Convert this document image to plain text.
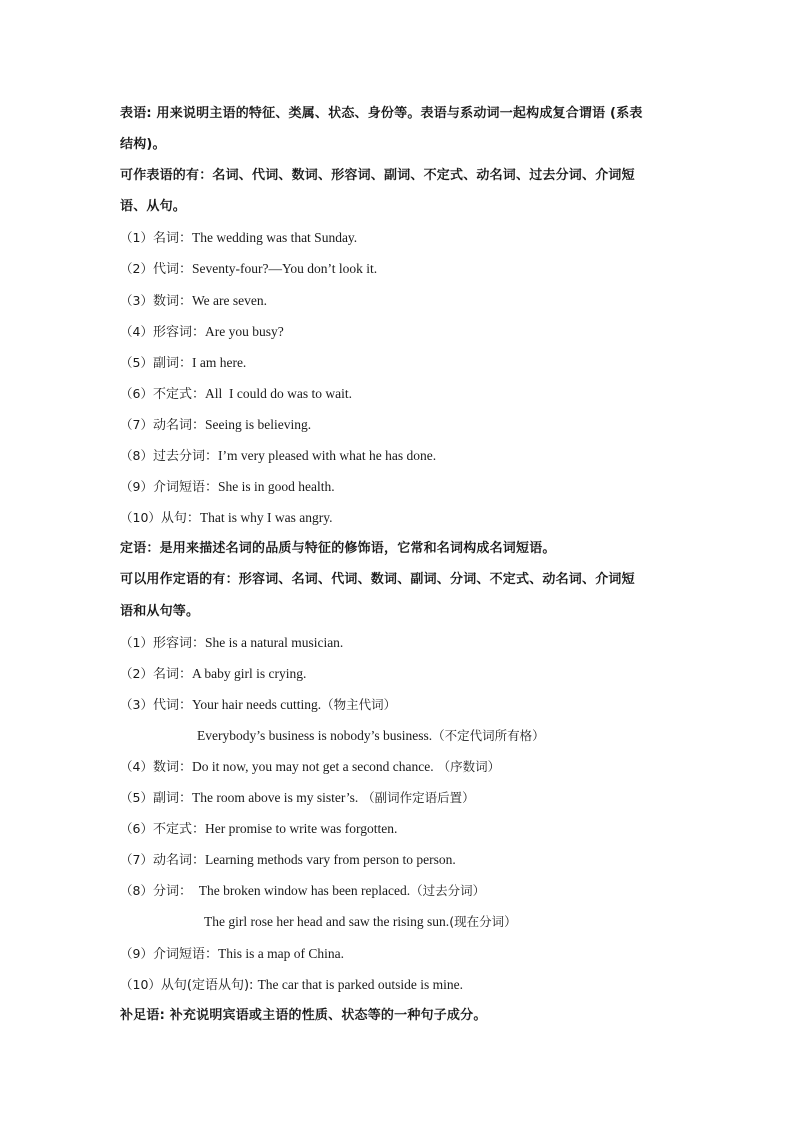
表语: 用来说明主语的特征、类属、状态、身份等。表语与系动词一起构成复合谓语 (系表
结构)。
可作表语的有：名词、代词、数词、形容词、副词、不定式、动名词、过去分词、介词短
语、从句。
（1）名词：The wedding was that Sunday.
（2）代词：Seventy-four?—You don’t look it.
（3）数词：We are seven.
（4）形容词：Are you busy?
（5）副词：I am here.
（6）不定式：All  I could do was to wait.
（7）动名词：Seeing is believing.
（8）过去分词：I’m very pleased with what he has done.
（9）介词短语：She is in good health.
（10）从句：That is why I was angry.
定语：是用来描述名词的品质与特征的修饰语，它常和名词构成名词短语。
可以用作定语的有：形容词、名词、代词、数词、副词、分词、不定式、动名词、介词短
语和从句等。
（1）形容词：She is a natural musician.
（2）名词：A baby girl is crying.
（3）代词：Your hair needs cutting.（物主代词）
Everybody’s business is nobody’s business.（不定代词所有格）
（4）数词：Do it now, you may not get a second chance. （序数词）
（5）副词：The room above is my sister’s. （副词作定语后置）
（6）不定式：Her promise to write was forgotten.
（7）动名词：Learning methods vary from person to person.
（8）分词：  The broken window has been replaced.（过去分词）
The girl rose her head and saw the rising sun.(现在分词）
（9）介词短语：This is a map of China.
（10）从句(定语从句): The car that is parked outside is mine.
补足语: 补充说明宾语或主语的性质、状态等的一种句子成分。
